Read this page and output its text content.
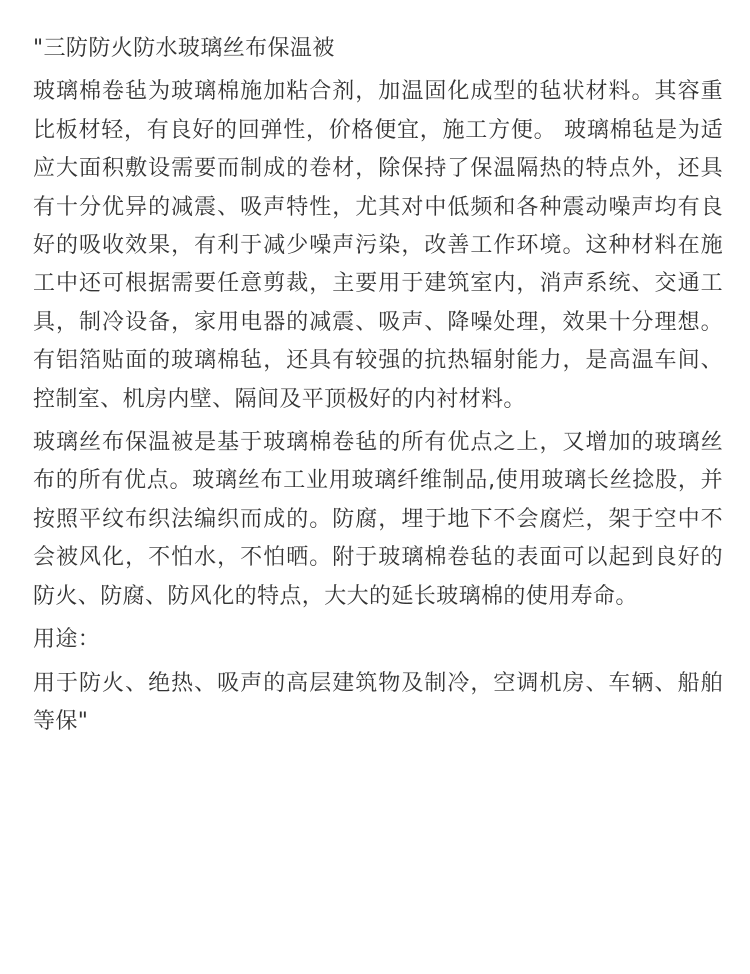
"三防防火防水玻璃丝布保温被

玻璃棉卷毡为玻璃棉施加粘合剂，加温固化成型的毡状材料。其容重比板材轻，有良好的回弹性，价格便宜，施工方便。 玻璃棉毡是为适应大面积敷设需要而制成的卷材，除保持了保温隔热的特点外，还具有十分优异的减震、吸声特性，尤其对中低频和各种震动噪声均有良好的吸收效果，有利于减少噪声污染，改善工作环境。这种材料在施工中还可根据需要任意剪裁，主要用于建筑室内，消声系统、交通工具，制冷设备，家用电器的减震、吸声、降噪处理，效果十分理想。 有铝箔贴面的玻璃棉毡，还具有较强的抗热辐射能力，是高温车间、控制室、机房内壁、隔间及平顶极好的内衬材料。

玻璃丝布保温被是基于玻璃棉卷毡的所有优点之上，又增加的玻璃丝布的所有优点。玻璃丝布工业用玻璃纤维制品,使用玻璃长丝捻股，并按照平纹布织法编织而成的。防腐，埋于地下不会腐烂，架于空中不会被风化，不怕水，不怕晒。附于玻璃棉卷毡的表面可以起到良好的防火、防腐、防风化的特点，大大的延长玻璃棉的使用寿命。

用途：

用于防火、绝热、吸声的高层建筑物及制冷，空调机房、车辆、船舶等保"
